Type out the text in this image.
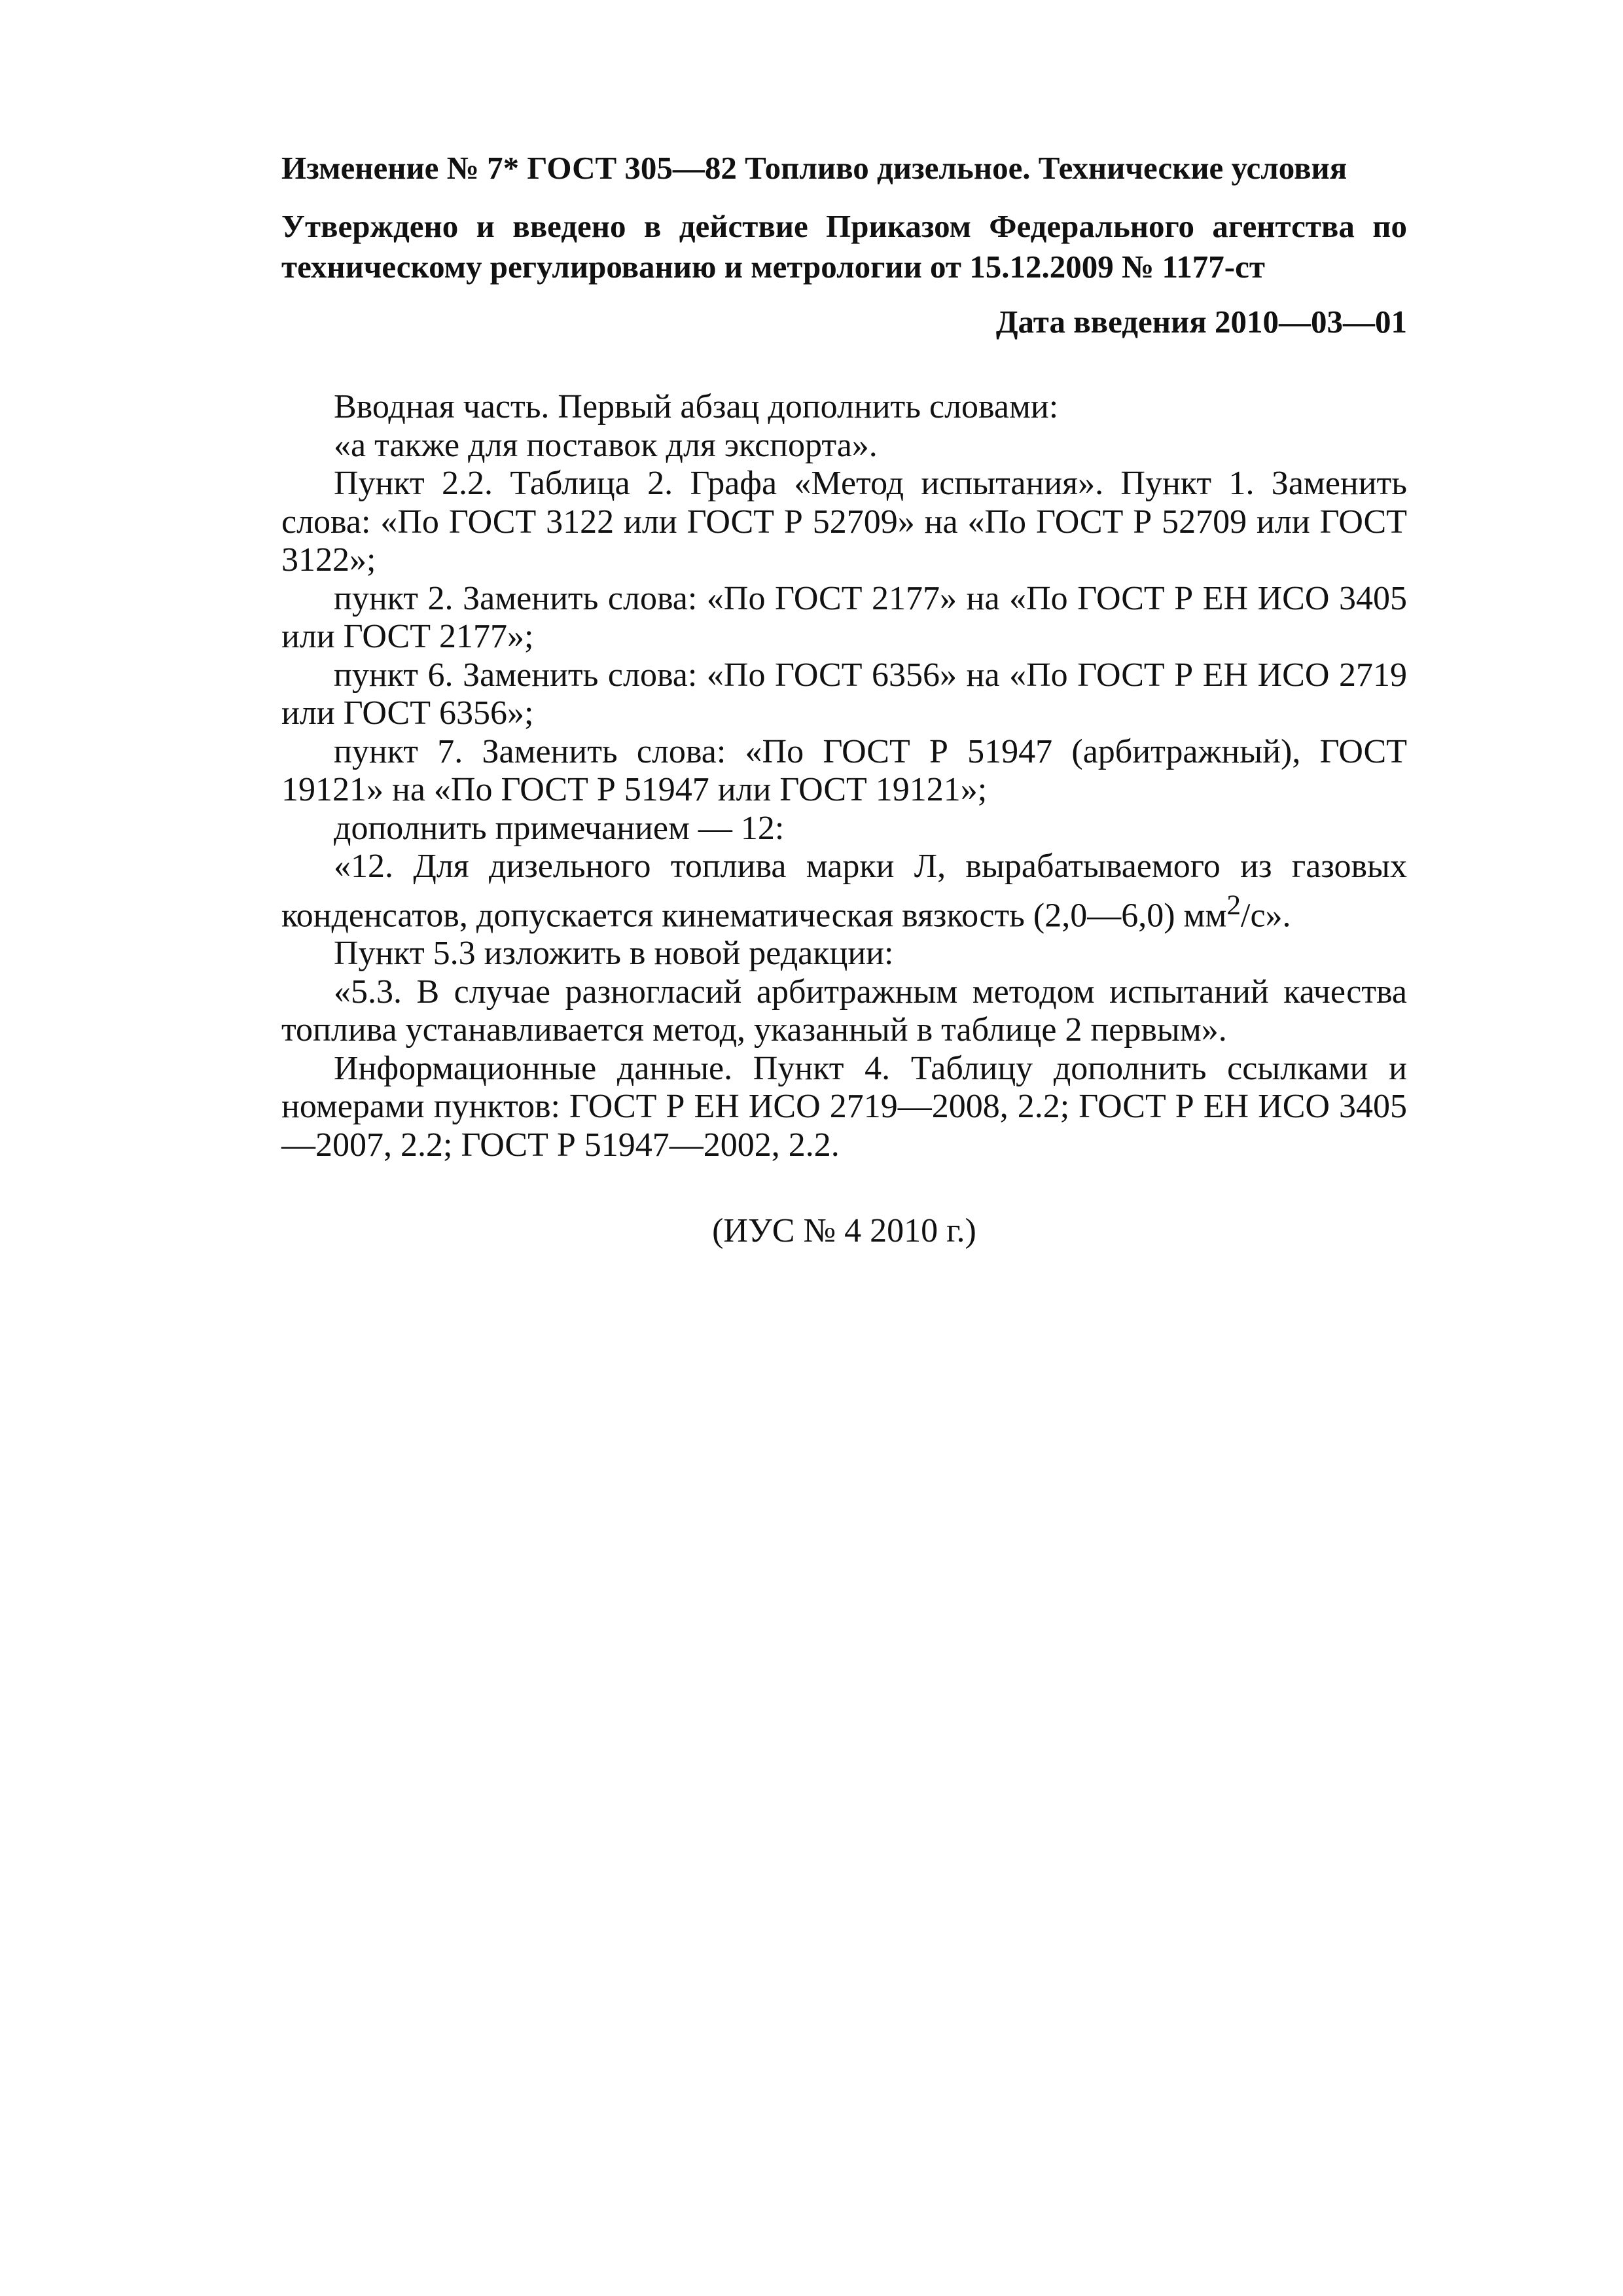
Изменение № 7* ГОСТ 305—82 Топливо дизельное. Технические условия
Утверждено и введено в действие Приказом Федерального агентства по техническому регулированию и метрологии от 15.12.2009 № 1177-ст
Дата введения 2010—03—01

Вводная часть. Первый абзац дополнить словами:

«а также для поставок для экспорта».

Пункт 2.2. Таблица 2. Графа «Метод испытания». Пункт 1. Заменить слова: «По ГОСТ 3122 или ГОСТ Р 52709» на «По ГОСТ Р 52709 или ГОСТ 3122»;

пункт 2. Заменить слова: «По ГОСТ 2177» на «По ГОСТ Р ЕН ИСО 3405 или ГОСТ 2177»;

пункт 6. Заменить слова: «По ГОСТ 6356» на «По ГОСТ Р ЕН ИСО 2719 или ГОСТ 6356»;

пункт 7. Заменить слова: «По ГОСТ Р 51947 (арбитражный), ГОСТ 19121» на «По ГОСТ Р 51947 или ГОСТ 19121»;

дополнить примечанием — 12:

«12. Для дизельного топлива марки Л, вырабатываемого из газовых конденсатов, допускается кинематическая вязкость (2,0—6,0) $мм^2/с$».

Пункт 5.3 изложить в новой редакции:

«5.3. В случае разногласий арбитражным методом испытаний качества топлива устанавливается метод, указанный в таблице 2 первым».

Информационные данные. Пункт 4. Таблицу дополнить ссылками и номерами пунктов: ГОСТ Р ЕН ИСО 2719—2008, 2.2; ГОСТ Р ЕН ИСО 3405—2007, 2.2; ГОСТ Р 51947—2002, 2.2.

(ИУС № 4 2010 г.)
